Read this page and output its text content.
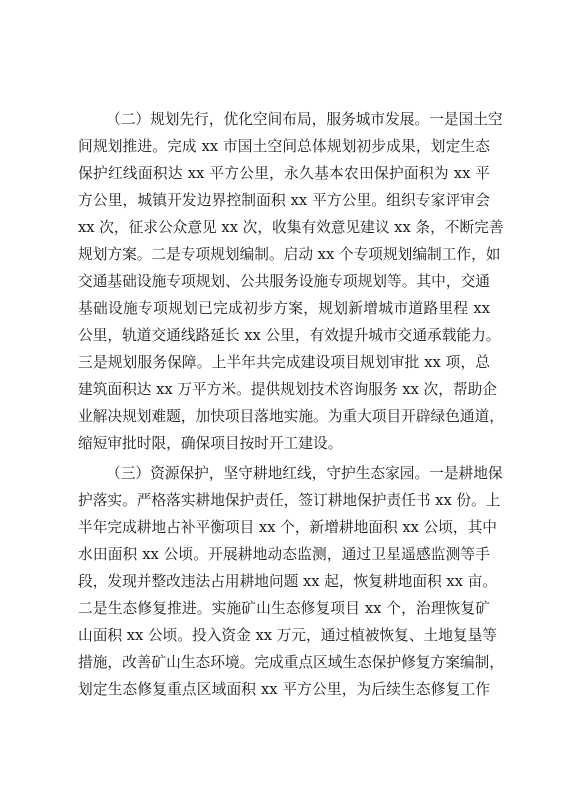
（二）规划先行，优化空间布局，服务城市发展。一是国土空
间规划推进。完成 xx 市国土空间总体规划初步成果，划定生态
保护红线面积达 xx 平方公里，永久基本农田保护面积为 xx 平
方公里，城镇开发边界控制面积 xx 平方公里。组织专家评审会
xx 次，征求公众意见 xx 次，收集有效意见建议 xx 条，不断完善
规划方案。二是专项规划编制。启动 xx 个专项规划编制工作，如
交通基础设施专项规划、公共服务设施专项规划等。其中，交通
基础设施专项规划已完成初步方案，规划新增城市道路里程 xx
公里，轨道交通线路延长 xx 公里，有效提升城市交通承载能力。
三是规划服务保障。上半年共完成建设项目规划审批 xx 项，总
建筑面积达 xx 万平方米。提供规划技术咨询服务 xx 次，帮助企
业解决规划难题，加快项目落地实施。为重大项目开辟绿色通道，
缩短审批时限，确保项目按时开工建设。
（三）资源保护，坚守耕地红线，守护生态家园。一是耕地保
护落实。严格落实耕地保护责任，签订耕地保护责任书 xx 份。上
半年完成耕地占补平衡项目 xx 个，新增耕地面积 xx 公顷，其中
水田面积 xx 公顷。开展耕地动态监测，通过卫星遥感监测等手
段，发现并整改违法占用耕地问题 xx 起，恢复耕地面积 xx 亩。
二是生态修复推进。实施矿山生态修复项目 xx 个，治理恢复矿
山面积 xx 公顷。投入资金 xx 万元，通过植被恢复、土地复垦等
措施，改善矿山生态环境。完成重点区域生态保护修复方案编制，
划定生态修复重点区域面积 xx 平方公里，为后续生态修复工作
